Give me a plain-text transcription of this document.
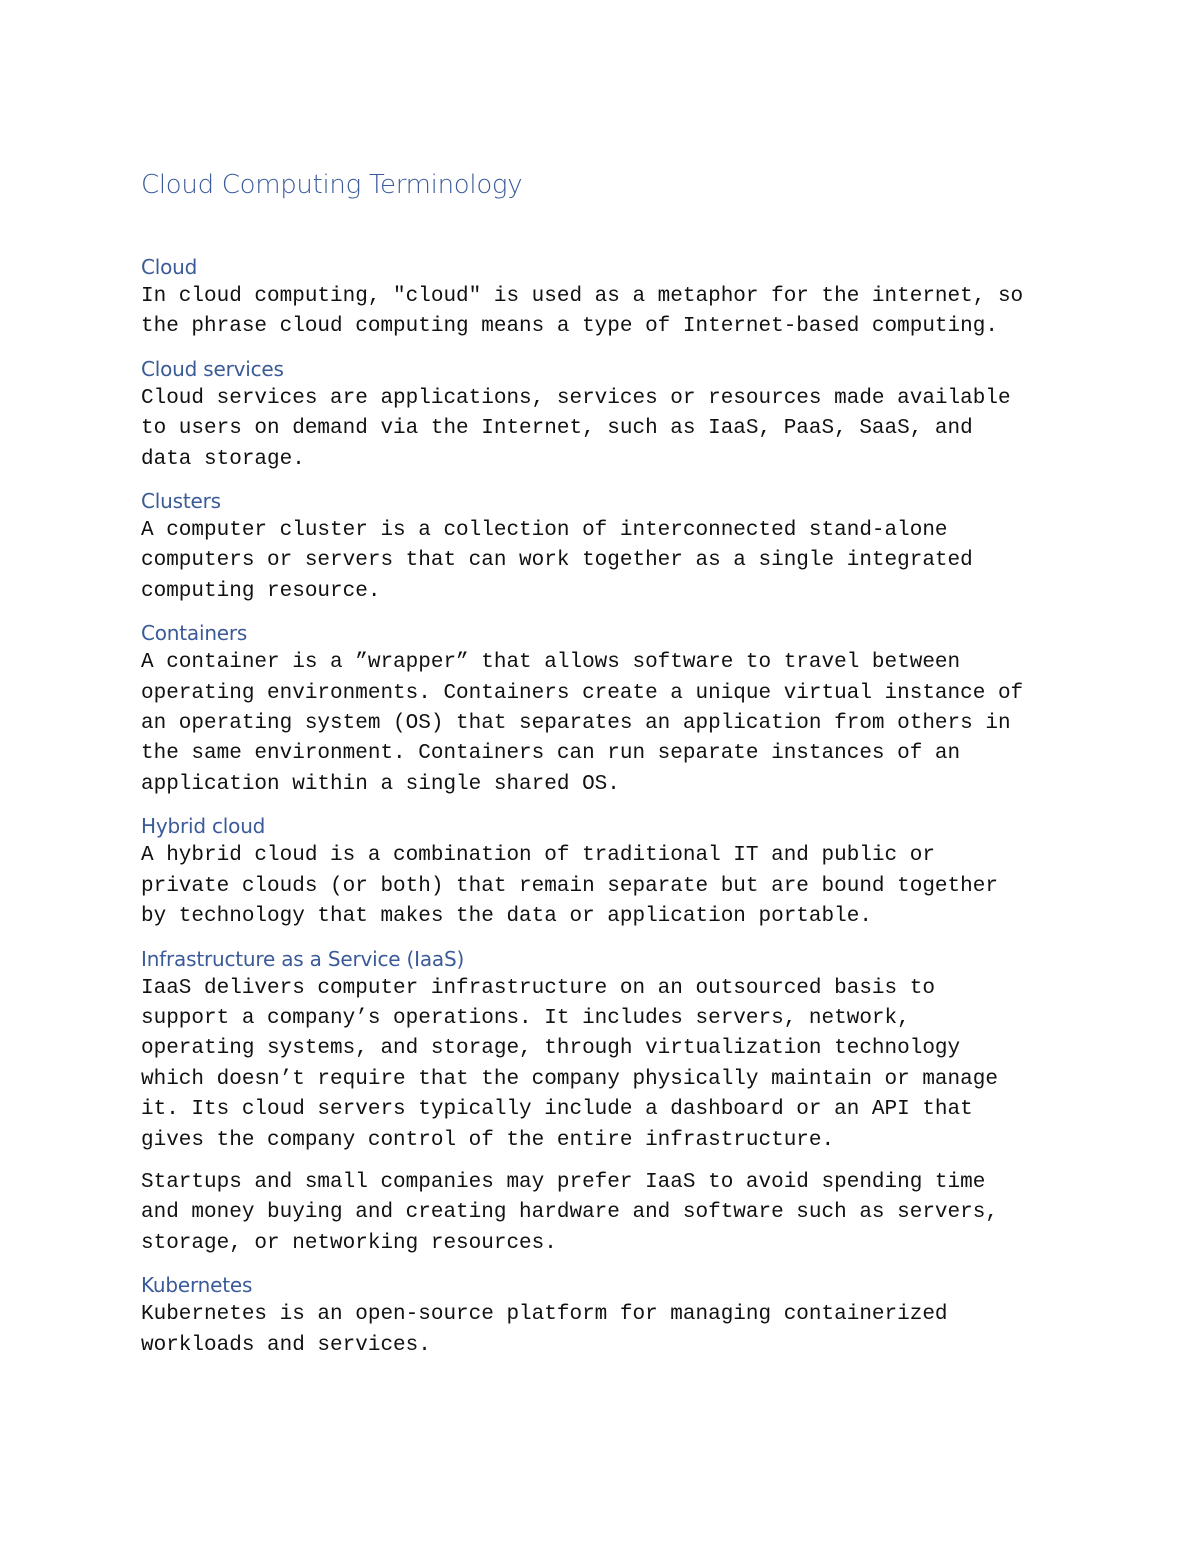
Cloud Computing Terminology
Cloud

In cloud computing, "cloud" is used as a metaphor for the internet, so
the phrase cloud computing means a type of Internet-based computing.

Cloud services

Cloud services are applications, services or resources made available
to users on demand via the Internet, such as IaaS, PaaS, SaaS, and
data storage.

Clusters

A computer cluster is a collection of interconnected stand-alone
computers or servers that can work together as a single integrated
computing resource.

Containers

A container is a ”wrapper” that allows software to travel between
operating environments. Containers create a unique virtual instance of
an operating system (OS) that separates an application from others in
the same environment. Containers can run separate instances of an
application within a single shared OS.

Hybrid cloud

A hybrid cloud is a combination of traditional IT and public or
private clouds (or both) that remain separate but are bound together
by technology that makes the data or application portable.

Infrastructure as a Service (IaaS)

IaaS delivers computer infrastructure on an outsourced basis to
support a company’s operations. It includes servers, network,
operating systems, and storage, through virtualization technology
which doesn’t require that the company physically maintain or manage
it. Its cloud servers typically include a dashboard or an API that
gives the company control of the entire infrastructure.

Startups and small companies may prefer IaaS to avoid spending time
and money buying and creating hardware and software such as servers,
storage, or networking resources.

Kubernetes

Kubernetes is an open-source platform for managing containerized
workloads and services.
